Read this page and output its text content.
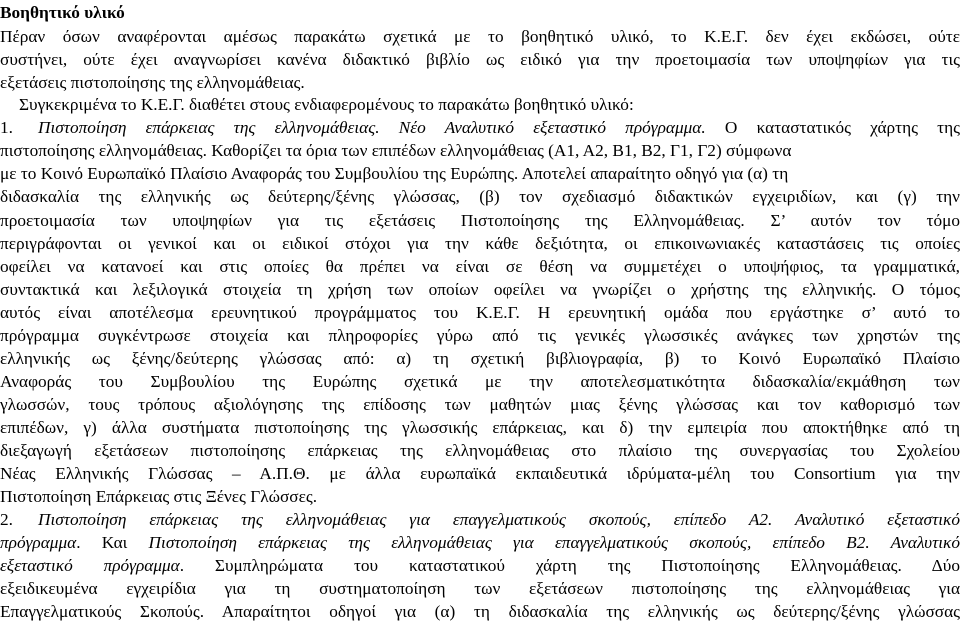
Βοηθητικό υλικό
Πέραν όσων αναφέρονται αμέσως παρακάτω σχετικά με το βοηθητικό υλικό, το Κ.Ε.Γ. δεν έχει εκδώσει, ούτε
συστήνει, ούτε έχει αναγνωρίσει κανένα διδακτικό βιβλίο ως ειδικό για την προετοιμασία των υποψηφίων για τις
εξετάσεις πιστοποίησης της ελληνομάθειας.
Συγκεκριμένα το Κ.Ε.Γ. διαθέτει στους ενδιαφερομένους το παρακάτω βοηθητικό υλικό:
1. Πιστοποίηση επάρκειας της ελληνομάθειας. Νέο Αναλυτικό εξεταστικό πρόγραμμα. Ο καταστατικός χάρτης της
πιστοποίησης ελληνομάθειας. Καθορίζει τα όρια των επιπέδων ελληνομάθειας (Α1, Α2, Β1, Β2, Γ1, Γ2) σύμφωνα
με το Κοινό Ευρωπαϊκό Πλαίσιο Αναφοράς του Συμβουλίου της Ευρώπης. Αποτελεί απαραίτητο οδηγό για (α) τη
διδασκαλία της ελληνικής ως δεύτερης/ξένης γλώσσας, (β) τον σχεδιασμό διδακτικών εγχειριδίων, και (γ) την
προετοιμασία των υποψηφίων για τις εξετάσεις Πιστοποίησης της Ελληνομάθειας. Σ’ αυτόν τον τόμο
περιγράφονται οι γενικοί και οι ειδικοί στόχοι για την κάθε δεξιότητα, οι επικοινωνιακές καταστάσεις τις οποίες
οφείλει να κατανοεί και στις οποίες θα πρέπει να είναι σε θέση να συμμετέχει ο υποψήφιος, τα γραμματικά,
συντακτικά και λεξιλογικά στοιχεία τη χρήση των οποίων οφείλει να γνωρίζει ο χρήστης της ελληνικής. Ο τόμος
αυτός είναι αποτέλεσμα ερευνητικού προγράμματος του Κ.Ε.Γ. Η ερευνητική ομάδα που εργάστηκε σ’ αυτό το
πρόγραμμα συγκέντρωσε στοιχεία και πληροφορίες γύρω από τις γενικές γλωσσικές ανάγκες των χρηστών της
ελληνικής ως ξένης/δεύτερης γλώσσας από: α) τη σχετική βιβλιογραφία, β) το Κοινό Ευρωπαϊκό Πλαίσιο
Αναφοράς του Συμβουλίου της Ευρώπης σχετικά με την αποτελεσματικότητα διδασκαλία/εκμάθηση των
γλωσσών, τους τρόπους αξιολόγησης της επίδοσης των μαθητών μιας ξένης γλώσσας και τον καθορισμό των
επιπέδων, γ) άλλα συστήματα πιστοποίησης της γλωσσικής επάρκειας, και δ) την εμπειρία που αποκτήθηκε από τη
διεξαγωγή εξετάσεων πιστοποίησης επάρκειας της ελληνομάθειας στο πλαίσιο της συνεργασίας του Σχολείου
Νέας Ελληνικής Γλώσσας – Α.Π.Θ. με άλλα ευρωπαϊκά εκπαιδευτικά ιδρύματα-μέλη του Consortium για την
Πιστοποίηση Επάρκειας στις Ξένες Γλώσσες.
2. Πιστοποίηση επάρκειας της ελληνομάθειας για επαγγελματικούς σκοπούς, επίπεδο Α2. Αναλυτικό εξεταστικό
πρόγραμμα. Και Πιστοποίηση επάρκειας της ελληνομάθειας για επαγγελματικούς σκοπούς, επίπεδο Β2. Αναλυτικό
εξεταστικό πρόγραμμα. Συμπληρώματα του καταστατικού χάρτη της Πιστοποίησης Ελληνομάθειας. Δύο
εξειδικευμένα εγχειρίδια για τη συστηματοποίηση των εξετάσεων πιστοποίησης της ελληνομάθειας για
Επαγγελματικούς Σκοπούς. Απαραίτητοι οδηγοί για (α) τη διδασκαλία της ελληνικής ως δεύτερης/ξένης γλώσσας
